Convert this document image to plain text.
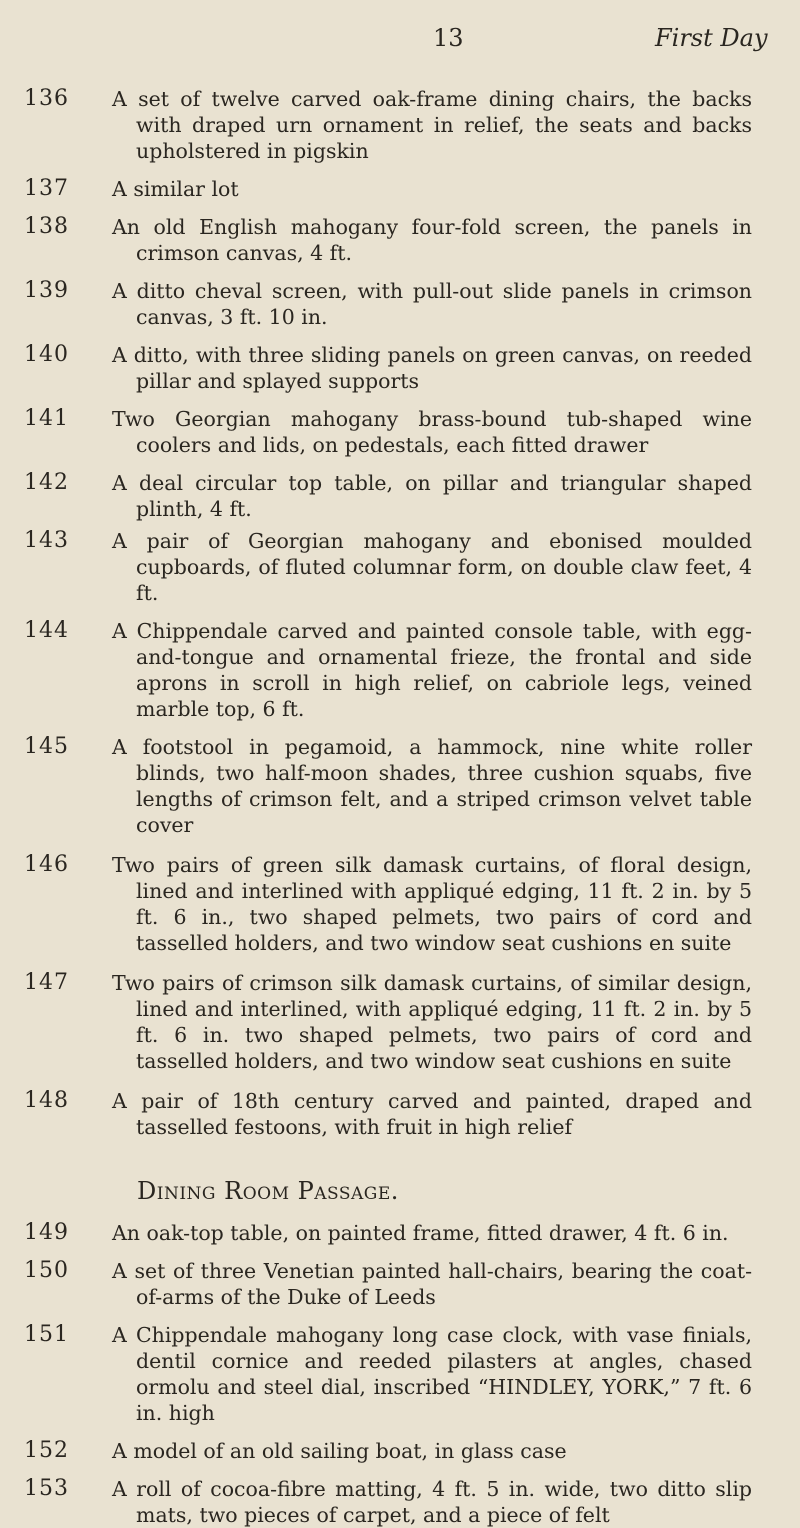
13	First Day
136	A set of twelve carved oak-frame dining chairs, the backs with draped urn ornament in relief, the seats and backs upholstered in pigskin
137	A similar lot
138	An old English mahogany four-fold screen, the panels in crimson canvas, 4 ft.
139	A ditto cheval screen, with pull-out slide panels in crimson canvas, 3 ft. 10 in.
140	A ditto, with three sliding panels on green canvas, on reeded pillar and splayed supports
141	Two Georgian mahogany brass-bound tub-shaped wine coolers and lids, on pedestals, each fitted drawer
142	A deal circular top table, on pillar and triangular shaped plinth, 4 ft.
143	A pair of Georgian mahogany and ebonised moulded cupboards, of fluted columnar form, on double claw feet, 4 ft.
144	A Chippendale carved and painted console table, with egg-and-tongue and ornamental frieze, the frontal and side aprons in scroll in high relief, on cabriole legs, veined marble top, 6 ft.
145	A footstool in pegamoid, a hammock, nine white roller blinds, two half-moon shades, three cushion squabs, five lengths of crimson felt, and a striped crimson velvet table cover
146	Two pairs of green silk damask curtains, of floral design, lined and interlined with appliqué edging, 11 ft. 2 in. by 5 ft. 6 in., two shaped pelmets, two pairs of cord and tasselled holders, and two window seat cushions en suite
147	Two pairs of crimson silk damask curtains, of similar design, lined and interlined, with appliqué edging, 11 ft. 2 in. by 5 ft. 6 in. two shaped pelmets, two pairs of cord and tasselled holders, and two window seat cushions en suite
148	A pair of 18th century carved and painted, draped and tasselled festoons, with fruit in high relief
Dining Room Passage.
149	An oak-top table, on painted frame, fitted drawer, 4 ft. 6 in.
150	A set of three Venetian painted hall-chairs, bearing the coat-of-arms of the Duke of Leeds
151	A Chippendale mahogany long case clock, with vase finials, dentil cornice and reeded pilasters at angles, chased ormolu and steel dial, inscribed “HINDLEY, YORK,” 7 ft. 6 in. high
152	A model of an old sailing boat, in glass case
153	A roll of cocoa-fibre matting, 4 ft. 5 in. wide, two ditto slip mats, two pieces of carpet, and a piece of felt
